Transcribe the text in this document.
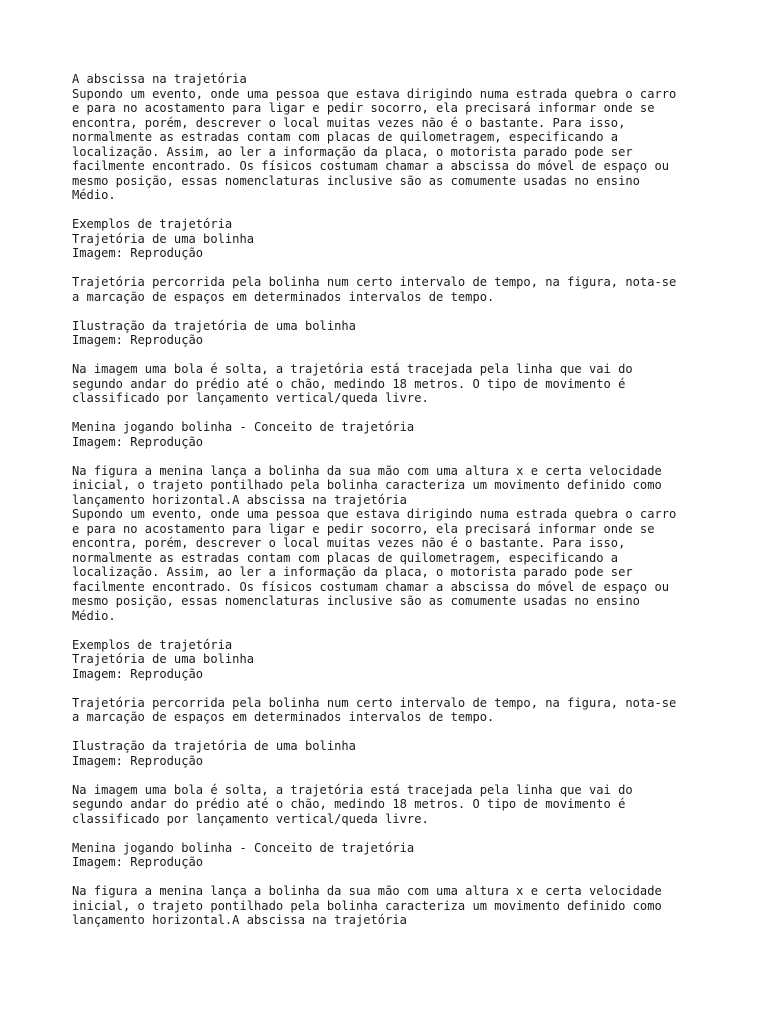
A abscissa na trajetória
Supondo um evento, onde uma pessoa que estava dirigindo numa estrada quebra o carro
e para no acostamento para ligar e pedir socorro, ela precisará informar onde se
encontra, porém, descrever o local muitas vezes não é o bastante. Para isso,
normalmente as estradas contam com placas de quilometragem, especificando a
localização. Assim, ao ler a informação da placa, o motorista parado pode ser
facilmente encontrado. Os físicos costumam chamar a abscissa do móvel de espaço ou
mesmo posição, essas nomenclaturas inclusive são as comumente usadas no ensino
Médio.
Exemplos de trajetória
Trajetória de uma bolinha
Imagem: Reprodução
Trajetória percorrida pela bolinha num certo intervalo de tempo, na figura, nota-se
a marcação de espaços em determinados intervalos de tempo.
Ilustração da trajetória de uma bolinha
Imagem: Reprodução
Na imagem uma bola é solta, a trajetória está tracejada pela linha que vai do
segundo andar do prédio até o chão, medindo 18 metros. O tipo de movimento é
classificado por lançamento vertical/queda livre.
Menina jogando bolinha - Conceito de trajetória
Imagem: Reprodução
Na figura a menina lança a bolinha da sua mão com uma altura x e certa velocidade
inicial, o trajeto pontilhado pela bolinha caracteriza um movimento definido como
lançamento horizontal.A abscissa na trajetória
Supondo um evento, onde uma pessoa que estava dirigindo numa estrada quebra o carro
e para no acostamento para ligar e pedir socorro, ela precisará informar onde se
encontra, porém, descrever o local muitas vezes não é o bastante. Para isso,
normalmente as estradas contam com placas de quilometragem, especificando a
localização. Assim, ao ler a informação da placa, o motorista parado pode ser
facilmente encontrado. Os físicos costumam chamar a abscissa do móvel de espaço ou
mesmo posição, essas nomenclaturas inclusive são as comumente usadas no ensino
Médio.
Exemplos de trajetória
Trajetória de uma bolinha
Imagem: Reprodução
Trajetória percorrida pela bolinha num certo intervalo de tempo, na figura, nota-se
a marcação de espaços em determinados intervalos de tempo.
Ilustração da trajetória de uma bolinha
Imagem: Reprodução
Na imagem uma bola é solta, a trajetória está tracejada pela linha que vai do
segundo andar do prédio até o chão, medindo 18 metros. O tipo de movimento é
classificado por lançamento vertical/queda livre.
Menina jogando bolinha - Conceito de trajetória
Imagem: Reprodução
Na figura a menina lança a bolinha da sua mão com uma altura x e certa velocidade
inicial, o trajeto pontilhado pela bolinha caracteriza um movimento definido como
lançamento horizontal.A abscissa na trajetória
